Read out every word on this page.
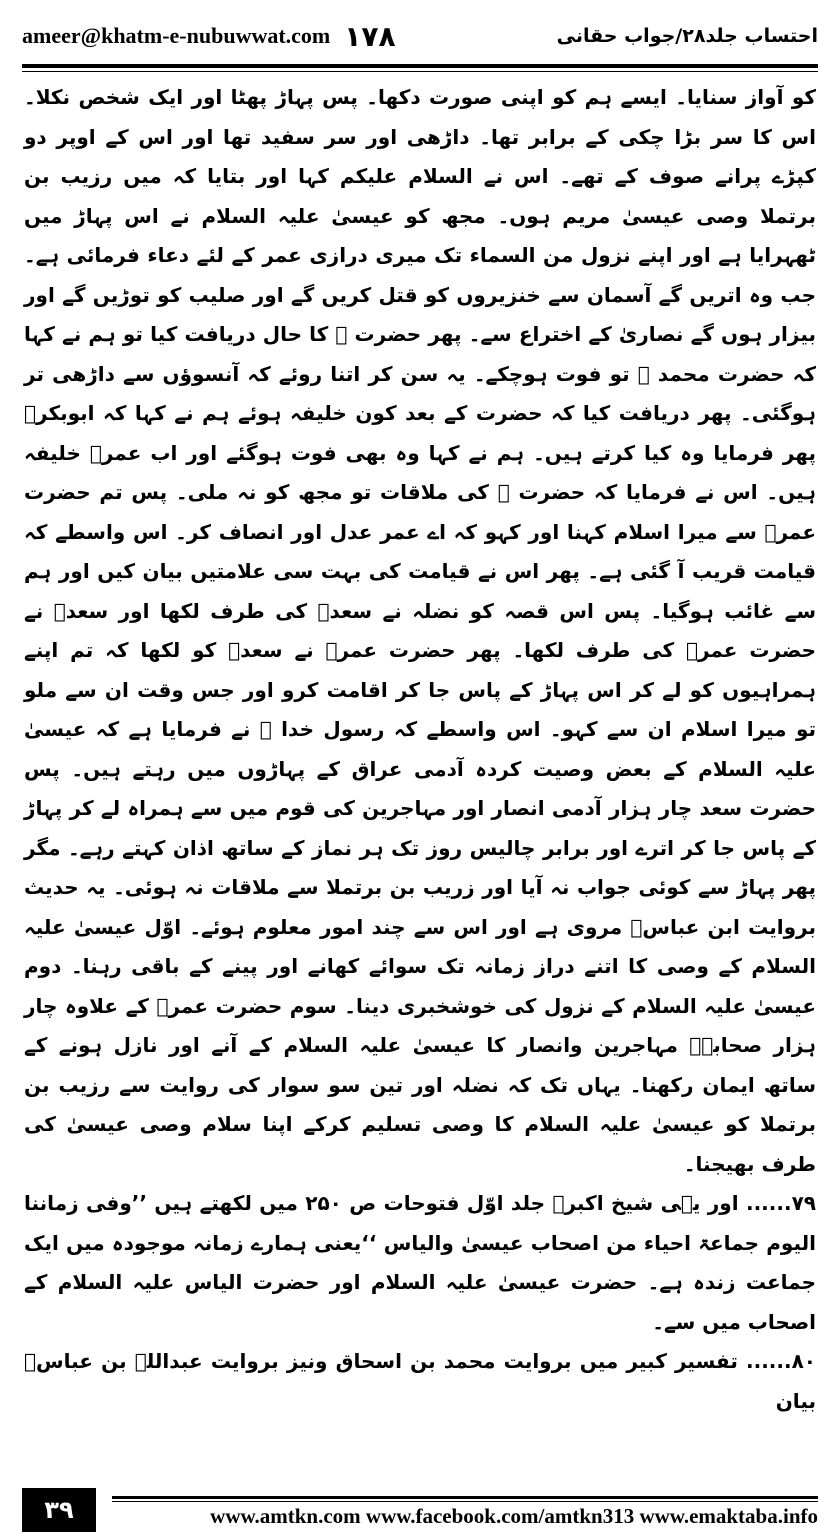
ameer@khatm-e-nubuwwat.com ۱۷۸	احتساب جلد۲۸/جواب حقانی

کو آواز سنایا۔ ایسے ہم کو اپنی صورت دکھا۔ پس پہاڑ پھٹا اور ایک شخص نکلا۔ اس کا سر بڑا چکی کے برابر تھا۔ داڑھی اور سر سفید تھا اور اس کے اوپر دو کپڑے پرانے صوف کے تھے۔ اس نے السلام علیکم کہا اور بتایا کہ میں رزیب بن برتملا وصی عیسیٰ مریم ہوں۔ مجھ کو عیسیٰ علیہ السلام نے اس پہاڑ میں ٹھہرایا ہے اور اپنے نزول من السماء تک میری درازی عمر کے لئے دعاء فرمائی ہے۔ جب وہ اتریں گے آسمان سے خنزیروں کو قتل کریں گے اور صلیب کو توڑیں گے اور بیزار ہوں گے نصاریٰ کے اختراع سے۔ پھر حضرت ﷺ کا حال دریافت کیا تو ہم نے کہا کہ حضرت محمد ﷺ تو فوت ہوچکے۔ یہ سن کر اتنا روئے کہ آنسوؤں سے داڑھی تر ہوگئی۔ پھر دریافت کیا کہ حضرت کے بعد کون خلیفہ ہوئے ہم نے کہا کہ ابوبکرؓ پھر فرمایا وہ کیا کرتے ہیں۔ ہم نے کہا وہ بھی فوت ہوگئے اور اب عمرؓ خلیفہ ہیں۔ اس نے فرمایا کہ حضرت ﷺ کی ملاقات تو مجھ کو نہ ملی۔ پس تم حضرت عمرؓ سے میرا اسلام کہنا اور کہو کہ اے عمر عدل اور انصاف کر۔ اس واسطے کہ قیامت قریب آ گئی ہے۔ پھر اس نے قیامت کی بہت سی علامتیں بیان کیں اور ہم سے غائب ہوگیا۔ پس اس قصہ کو نضلہ نے سعدؓ کی طرف لکھا اور سعدؓ نے حضرت عمرؓ کی طرف لکھا۔ پھر حضرت عمرؓ نے سعدؓ کو لکھا کہ تم اپنے ہمراہیوں کو لے کر اس پہاڑ کے پاس جا کر اقامت کرو اور جس وقت ان سے ملو تو میرا اسلام ان سے کہو۔ اس واسطے کہ رسول خدا ﷺ نے فرمایا ہے کہ عیسیٰ علیہ السلام کے بعض وصیت کردہ آدمی عراق کے پہاڑوں میں رہتے ہیں۔ پس حضرت سعد چار ہزار آدمی انصار اور مہاجرین کی قوم میں سے ہمراہ لے کر پہاڑ کے پاس جا کر اترے اور برابر چالیس روز تک ہر نماز کے ساتھ اذان کہتے رہے۔ مگر پھر پہاڑ سے کوئی جواب نہ آیا اور زریب بن برتملا سے ملاقات نہ ہوئی۔ یہ حدیث بروایت ابن عباسؓ مروی ہے اور اس سے چند امور معلوم ہوئے۔ اوّل عیسیٰ علیہ السلام کے وصی کا اتنے دراز زمانہ تک سوائے کھانے اور پینے کے باقی رہنا۔ دوم عیسیٰ علیہ السلام کے نزول کی خوشخبری دینا۔ سوم حضرت عمرؓ کے علاوہ چار ہزار صحابہؓ مہاجرین وانصار کا عیسیٰ علیہ السلام کے آنے اور نازل ہونے کے ساتھ ایمان رکھنا۔ یہاں تک کہ نضلہ اور تین سو سوار کی روایت سے رزیب بن برتملا کو عیسیٰ علیہ السلام کا وصی تسلیم کرکے اپنا سلام وصی عیسیٰ کی طرف بھیجنا۔

۷۹...... اور یہی شیخ اکبرؒ جلد اوّل فتوحات ص ۲۵۰ میں لکھتے ہیں ’’وفی زماننا الیوم جماعۃ احیاء من اصحاب عیسیٰ والیاس ‘‘یعنی ہمارے زمانہ موجودہ میں ایک جماعت زندہ ہے۔ حضرت عیسیٰ علیہ السلام اور حضرت الیاس علیہ السلام کے اصحاب میں سے۔

۸۰...... تفسیر کبیر میں بروایت محمد بن اسحاق ونیز بروایت عبداللہ بن عباسؓ بیان

۳۹	www.amtkn.com www.facebook.com/amtkn313 www.emaktaba.info
